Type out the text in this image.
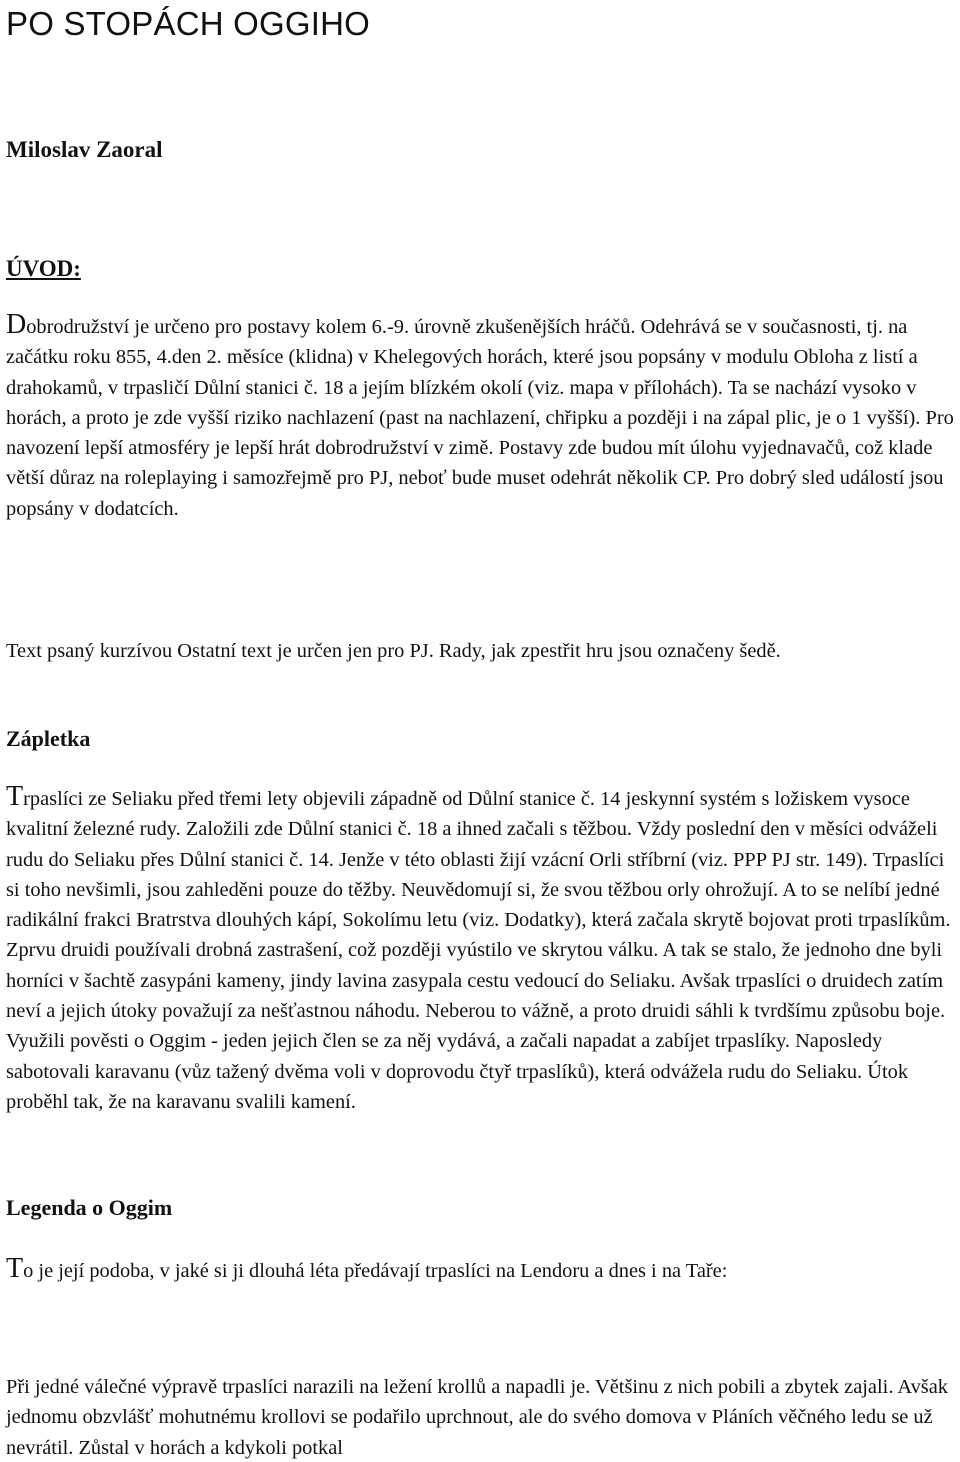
PO STOPÁCH OGGIHO

Miloslav Zaoral

ÚVOD:

Dobrodružství je určeno pro postavy kolem 6.-9. úrovně zkušenějších hráčů. Odehrává se v současnosti, tj. na začátku roku 855, 4.den 2. měsíce (klidna) v Khelegových horách, které jsou popsány v modulu Obloha z listí a drahokamů, v trpasličí Důlní stanici č. 18 a jejím blízkém okolí (viz. mapa v přílohách). Ta se nachází vysoko v horách, a proto je zde vyšší riziko nachlazení (past na nachlazení, chřipku a později i na zápal plic, je o 1 vyšší). Pro navození lepší atmosféry je lepší hrát dobrodružství v zimě. Postavy zde budou mít úlohu vyjednavačů, což klade větší důraz na roleplaying i samozřejmě pro PJ, neboť bude muset odehrát několik CP. Pro dobrý sled událostí jsou popsány v dodatcích.

Text psaný kurzívou Ostatní text je určen jen pro PJ. Rady, jak zpestřit hru jsou označeny šedě.

Zápletka

Trpaslíci ze Seliaku před třemi lety objevili západně od Důlní stanice č. 14 jeskynní systém s ložiskem vysoce kvalitní železné rudy. Založili zde Důlní stanici č. 18 a ihned začali s těžbou. Vždy poslední den v měsíci odváželi rudu do Seliaku přes Důlní stanici č. 14. Jenže v této oblasti žijí vzácní Orli stříbrní (viz. PPP PJ str. 149). Trpaslíci si toho nevšimli, jsou zahleděni pouze do těžby. Neuvědomují si, že svou těžbou orly ohrožují. A to se nelíbí jedné radikální frakci Bratrstva dlouhých kápí, Sokolímu letu (viz. Dodatky), která začala skrytě bojovat proti trpaslíkům. Zprvu druidi používali drobná zastrašení, což později vyústilo ve skrytou válku. A tak se stalo, že jednoho dne byli horníci v šachtě zasypáni kameny, jindy lavina zasypala cestu vedoucí do Seliaku. Avšak trpaslíci o druidech zatím neví a jejich útoky považují za nešťastnou náhodu. Neberou to vážně, a proto druidi sáhli k tvrdšímu způsobu boje. Využili pověsti o Oggim - jeden jejich člen se za něj vydává, a začali napadat a zabíjet trpaslíky. Naposledy sabotovali karavanu (vůz tažený dvěma voli v doprovodu čtyř trpaslíků), která odvážela rudu do Seliaku. Útok proběhl tak, že na karavanu svalili kamení.

Legenda o Oggim

To je její podoba, v jaké si ji dlouhá léta předávají trpaslíci na Lendoru a dnes i na Taře:

Při jedné válečné výpravě trpaslíci narazili na ležení krollů a napadli je. Většinu z nich pobili a zbytek zajali. Avšak jednomu obzvlášť mohutnému krollovi se podařilo uprchnout, ale do svého domova v Pláních věčného ledu se už nevrátil. Zůstal v horách a kdykoli potkal
